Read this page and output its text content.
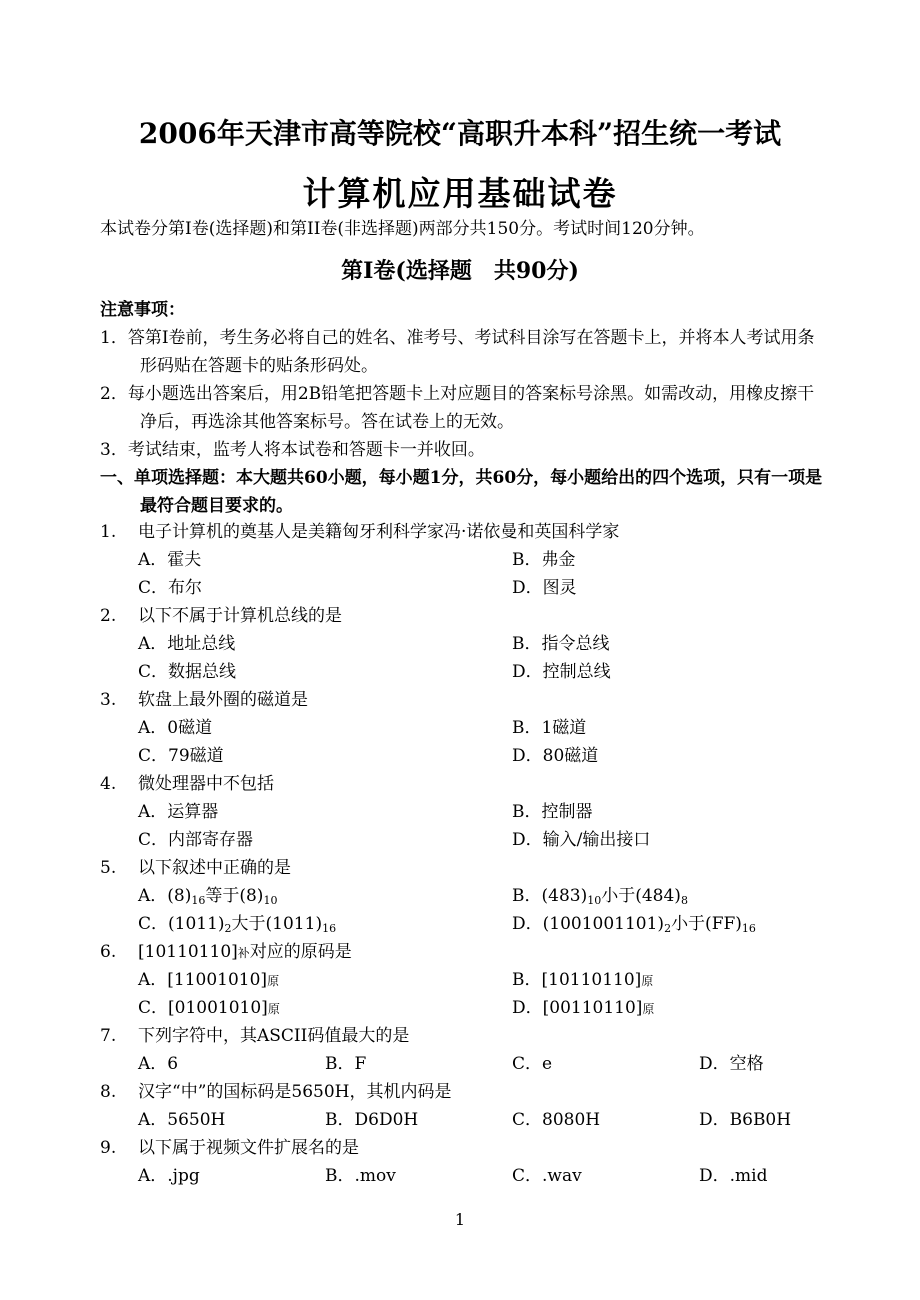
2006年天津市高等院校“高职升本科”招生统一考试
计算机应用基础试卷
本试卷分第Ⅰ卷(选择题)和第II卷(非选择题)两部分共150分。考试时间120分钟。
第Ⅰ卷(选择题　共90分)
注意事项：
1．答第Ⅰ卷前，考生务必将自己的姓名、准考号、考试科目涂写在答题卡上，并将本人考试用条形码贴在答题卡的贴条形码处。
2．每小题选出答案后，用2B铅笔把答题卡上对应题目的答案标号涂黑。如需改动，用橡皮擦干净后，再选涂其他答案标号。答在试卷上的无效。
3．考试结束，监考人将本试卷和答题卡一并收回。
一、单项选择题：本大题共60小题，每小题1分，共60分，每小题给出的四个选项，只有一项是最符合题目要求的。
1.	电子计算机的奠基人是美籍匈牙利科学家冯·诺依曼和英国科学家
A．霍夫	B．弗金
C．布尔	D．图灵
2.	以下不属于计算机总线的是
A．地址总线	B．指令总线
C．数据总线	D．控制总线
3.	软盘上最外圈的磁道是
A．0磁道	B．1磁道
C．79磁道	D．80磁道
4.	微处理器中不包括
A．运算器	B．控制器
C．内部寄存器	D．输入/输出接口
5.	以下叙述中正确的是
A．$(8)_{16}$等于$(8)_{10}$	B．$(483)_{10}$小于$(484)_8$
C．$(1011)_2$大于$(1011)_{16}$	D．$(1001001101)_2$小于$(FF)_{16}$
6.	[10110110]补对应的原码是
A．[11001010]原	B．[10110110]原
C．[01001010]原	D．[00110110]原
7.	下列字符中，其ASCII码值最大的是
A．6	B．F	C．e	D．空格
8.	汉字“中”的国标码是5650H，其机内码是
A．5650H	B．D6D0H	C．8080H	D．B6B0H
9.	以下属于视频文件扩展名的是
A．.jpg	B．.mov	C．.wav	D．.mid
1
